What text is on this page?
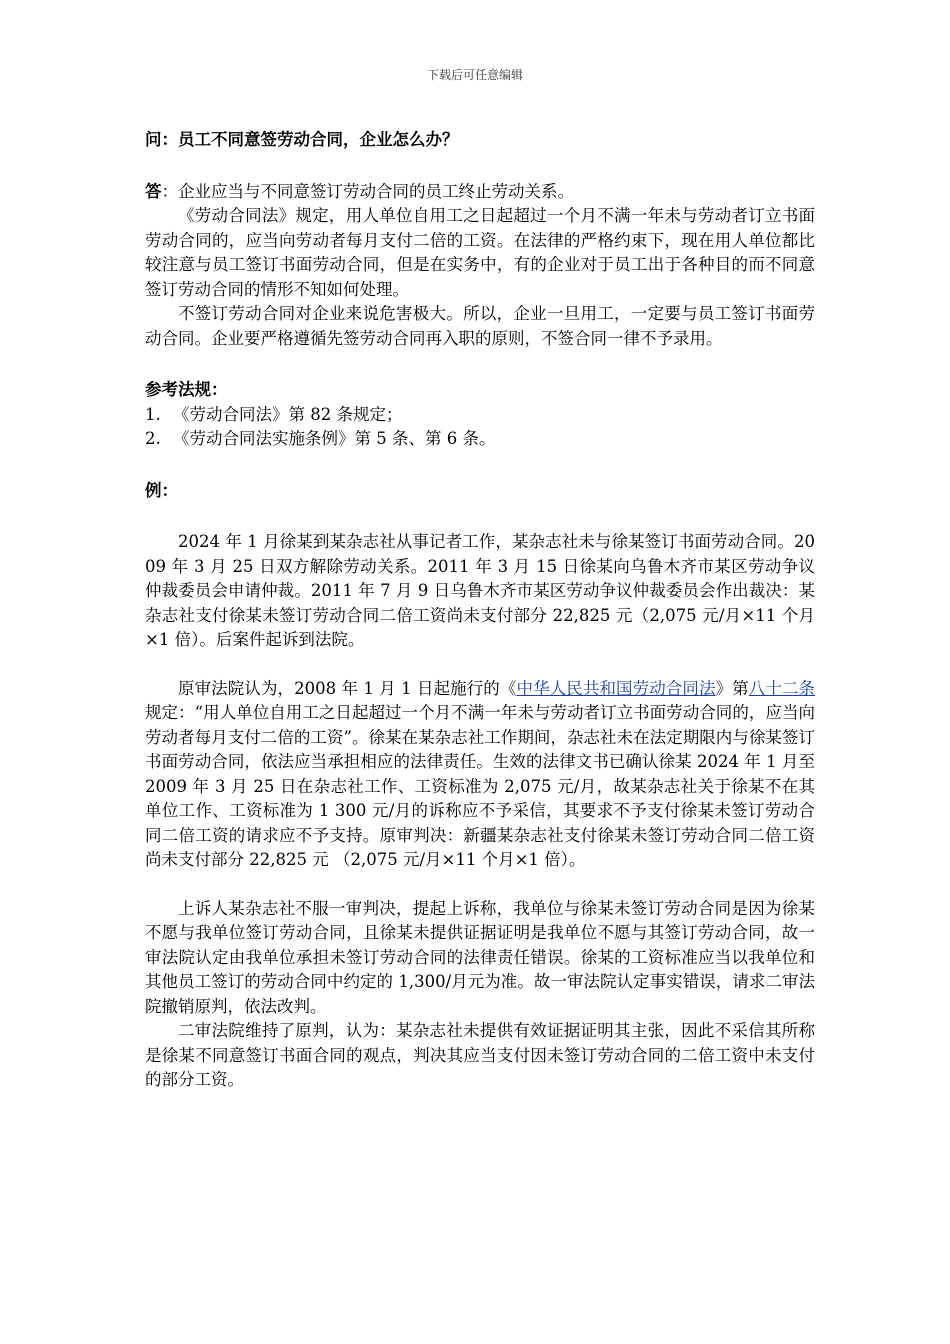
下载后可任意编辑

问：员工不同意签劳动合同，企业怎么办？

答：企业应当与不同意签订劳动合同的员工终止劳动关系。

《劳动合同法》规定，用人单位自用工之日起超过一个月不满一年未与劳动者订立书面劳动合同的，应当向劳动者每月支付二倍的工资。在法律的严格约束下，现在用人单位都比较注意与员工签订书面劳动合同，但是在实务中，有的企业对于员工出于各种目的而不同意签订劳动合同的情形不知如何处理。

不签订劳动合同对企业来说危害极大。所以，企业一旦用工，一定要与员工签订书面劳动合同。企业要严格遵循先签劳动合同再入职的原则，不签合同一律不予录用。

参考法规：

1. 《劳动合同法》第 82 条规定；

2. 《劳动合同法实施条例》第 5 条、第 6 条。

例：

2024 年 1 月徐某到某杂志社从事记者工作，某杂志社未与徐某签订书面劳动合同。2009 年 3 月 25 日双方解除劳动关系。2011 年 3 月 15 日徐某向乌鲁木齐市某区劳动争议仲裁委员会申请仲裁。2011 年 7 月 9 日乌鲁木齐市某区劳动争议仲裁委员会作出裁决：某杂志社支付徐某未签订劳动合同二倍工资尚未支付部分 22,825 元（2,075 元/月×11 个月×1 倍）。后案件起诉到法院。

原审法院认为，2008 年 1 月 1 日起施行的《中华人民共和国劳动合同法》第八十二条规定：“用人单位自用工之日起超过一个月不满一年未与劳动者订立书面劳动合同的，应当向劳动者每月支付二倍的工资”。徐某在某杂志社工作期间，杂志社未在法定期限内与徐某签订书面劳动合同，依法应当承担相应的法律责任。生效的法律文书已确认徐某 2024 年 1 月至 2009 年 3 月 25 日在杂志社工作、工资标准为 2,075 元/月，故某杂志社关于徐某不在其单位工作、工资标准为 1 300 元/月的诉称应不予采信，其要求不予支付徐某未签订劳动合同二倍工资的请求应不予支持。原审判决：新疆某杂志社支付徐某未签订劳动合同二倍工资尚未支付部分 22,825 元 （2,075 元/月×11 个月×1 倍）。

上诉人某杂志社不服一审判决，提起上诉称，我单位与徐某未签订劳动合同是因为徐某不愿与我单位签订劳动合同，且徐某未提供证据证明是我单位不愿与其签订劳动合同，故一审法院认定由我单位承担未签订劳动合同的法律责任错误。徐某的工资标准应当以我单位和其他员工签订的劳动合同中约定的 1,300/月元为准。故一审法院认定事实错误，请求二审法院撤销原判，依法改判。

二审法院维持了原判，认为：某杂志社未提供有效证据证明其主张，因此不采信其所称是徐某不同意签订书面合同的观点，判决其应当支付因未签订劳动合同的二倍工资中未支付的部分工资。
